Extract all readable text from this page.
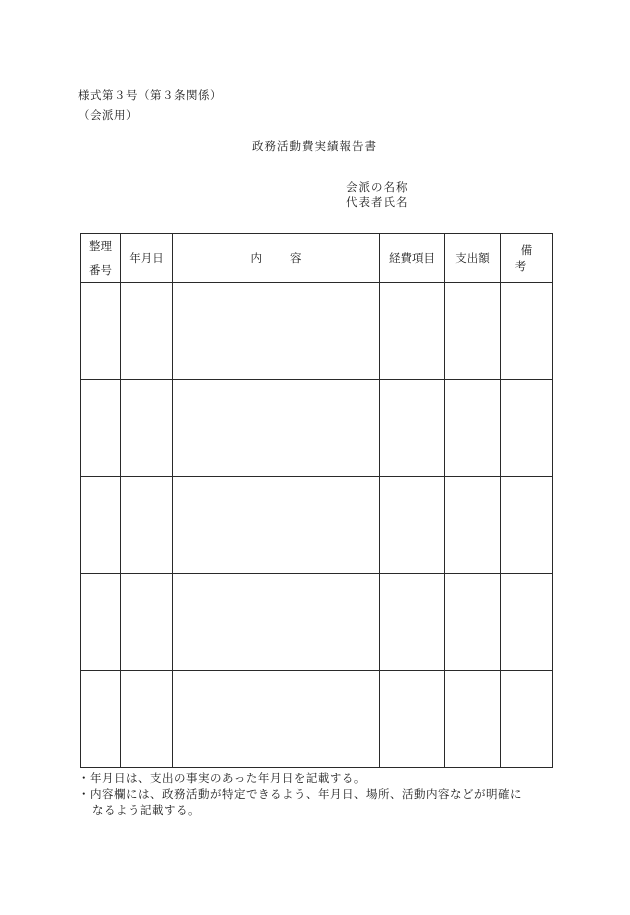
様式第３号（第３条関係）
（会派用）
政務活動費実績報告書
会派の名称
代表者氏名
整理
番号	年月日	内容	経費項目	支出額	備考

・年月日は、支出の事実のあった年月日を記載する。
・内容欄には、政務活動が特定できるよう、年月日、場所、活動内容などが明確に
なるよう記載する。
